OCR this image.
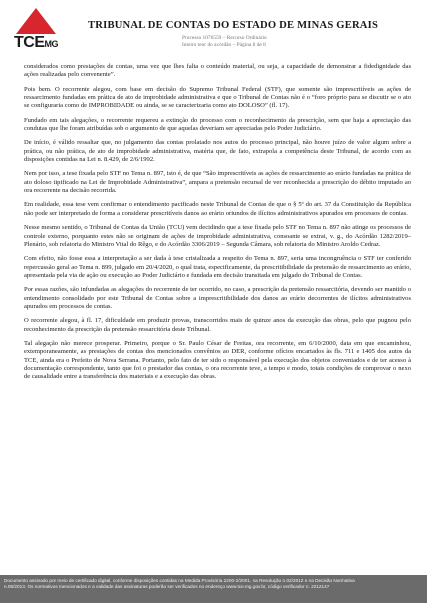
TCEMG
TRIBUNAL DE CONTAS DO ESTADO DE MINAS GERAIS
Processo 1076559 – Recurso Ordinário
Inteiro teor do acórdão – Página 8 de 8

considerados como prestações de contas, uma vez que lhes falta o conteúdo material, ou seja, a capacidade de demonstrar a fidedignidade das ações realizadas pelo convenente”.

Pois bem. O recorrente alegou, com base em decisão do Supremo Tribunal Federal (STF), que somente são imprescritíveis as ações de ressarcimento fundadas em prática de ato de improbidade administrativa e que o Tribunal de Contas não é o “foro próprio para se discutir se o ato se configuraria como de IMPROBIDADE ou ainda, se se caracterizaria como ato DOLOSO” (fl. 17).

Fundado em tais alegações, o recorrente requereu a extinção do processo com o reconhecimento da prescrição, sem que haja a apreciação das condutas que lhe foram atribuídas sob o argumento de que aquelas deveriam ser apreciadas pelo Poder Judiciário.

De início, é válido ressaltar que, no julgamento das contas prolatado nos autos do processo principal, não houve juízo de valor algum sobre a prática, ou não prática, de ato de improbidade administrativa, matéria que, de fato, extrapola a competência deste Tribunal, de acordo com as disposições contidas na Lei n. 8.429, de 2/6/1992.

Nem por isso, a tese fixada pelo STF no Tema n. 897, isto é, de que “São imprescritíveis as ações de ressarcimento ao erário fundadas na prática de ato doloso tipificado na Lei de Improbidade Administrativa”, ampara a pretensão recursal de ver reconhecida a prescrição do débito imputado ao ora recorrente na decisão recorrida.

Em realidade, essa tese vem confirmar o entendimento pacificado neste Tribunal de Contas de que o § 5º do art. 37 da Constituição da República não pode ser interpretado de forma a considerar prescritíveis danos ao erário oriundos de ilícitos administrativos apurados em processos de contas.

Nesse mesmo sentido, o Tribunal de Contas da União (TCU) vem decidindo que a tese fixada pelo STF no Tema n. 897 não atinge os processos de controle externo, porquanto estes não se originam de ações de improbidade administrativa, consoante se extrai, v. g., do Acórdão 1282/2019–Plenário, sob relatoria do Ministro Vital do Rêgo, e do Acórdão 3306/2019 – Segunda Câmara, sob relatoria do Ministro Aroldo Cedraz.

Com efeito, não fosse essa a interpretação a ser dada à tese cristalizada a respeito do Tema n. 897, seria uma incongruência o STF ter conferido repercussão geral ao Tema n. 899, julgado em 20/4/2020, o qual trata, especificamente, da prescritibilidade da pretensão de ressarcimento ao erário, apresentada pela via de ação ou execução ao Poder Judiciário e fundada em decisão transitada em julgado do Tribunal de Contas.

Por essas razões, são infundadas as alegações do recorrente de ter ocorrido, no caso, a prescrição da pretensão ressarcitória, devendo ser mantido o entendimento consolidado por este Tribunal de Contas sobre a imprescritibilidade dos danos ao erário decorrentes de ilícitos administrativos apurados em processos de contas.

O recorrente alegou, à fl. 17, dificuldade em produzir provas, transcorridos mais de quinze anos da execução das obras, pelo que pugnou pelo reconhecimento da prescrição da pretensão ressarcitória deste Tribunal.

Tal alegação não merece prosperar. Primeiro, porque o Sr. Paulo César de Freitas, ora recorrente, em 6/10/2000, data em que encaminhou, extemporaneamente, as prestações de contas dos mencionados convênios ao DER, conforme ofícios encartados às fls. 711 e 1405 dos autos da TCE, ainda era o Prefeito de Nova Serrana. Portanto, pelo fato de ter sido o responsável pela execução dos objetos conveniados e de ter acesso à documentação correspondente, tanto que foi o prestador das contas, o ora recorrente teve, a tempo e modo, totais condições de comprovar o nexo de causalidade entre a transferência dos materiais e a execução das obras.

Documento assinado por meio de certificado digital, conforme disposições contidas na Medida Provisória 2200-2/2001, na Resolução n.02/2012 e na Decisão Normativa
n.05/2013. Os normativos mencionados e a validade das assinaturas poderão ser verificados no endereço www.tce.mg.gov.br, código verificador n. 2212147
